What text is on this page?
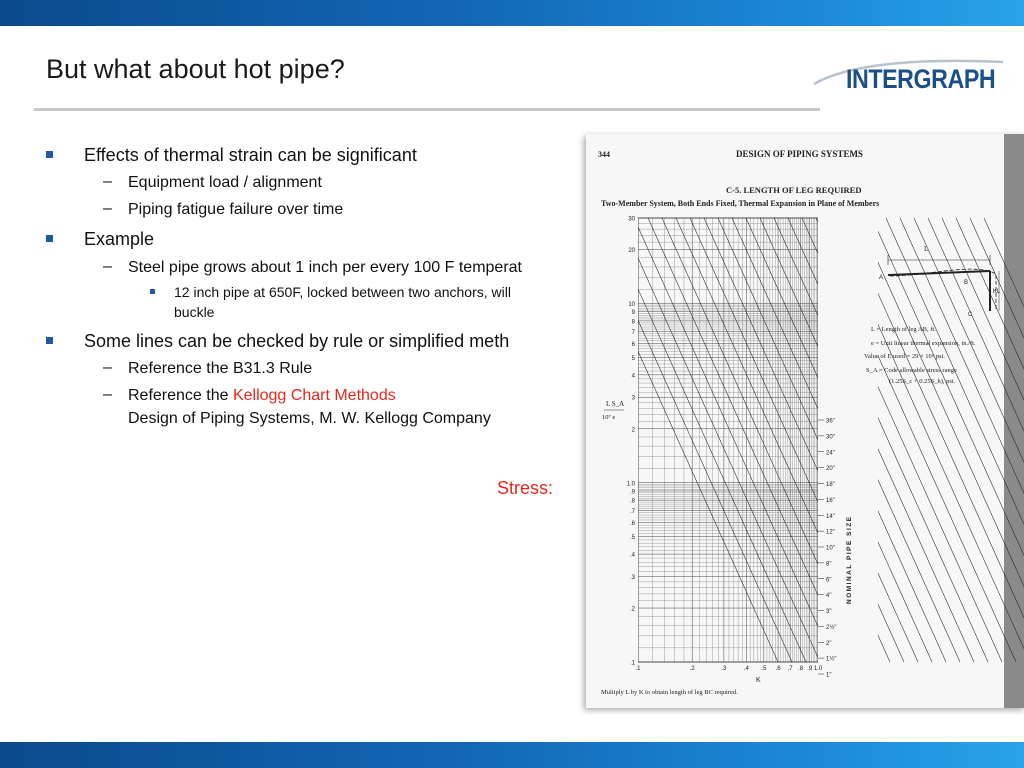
But what about hot pipe?	INTERGRAPH
Effects of thermal strain can be significant
– Equipment load / alignment
– Piping fatigue failure over time
Example
– Steel pipe grows about 1 inch per every 100 F temperat
12 inch pipe at 650F, locked between two anchors, will
buckle
Some lines can be checked by rule or simplified meth
– Reference the B31.3 Rule
– Reference the Kellogg Chart Methods
Design of Piping Systems, M. W. Kellogg Company
Stress:
344	DESIGN OF PIPING SYSTEMS
C-5. LENGTH OF LEG REQUIRED
Two-Member System, Both Ends Fixed, Thermal Expansion in Plane of Members
30
20
10
9
8
7
6
5
4
3
2
1.0
.9
.8
.7
.6
.5
.4
.3
.2
.1
.1	.2	.3	.4 .5 .6 .7 .8 .9 1.0
36"
30"
24"
20"
18"
16"
14"
12"
10"
8"
6"
4"
3"
2½"
2"
1½"
1"
L S_A
10⁷ e
K
NOMINAL PIPE SIZE
L
A
B
C
KL
L = Length of leg AB, ft.
e = Unit linear thermal expansion, in./ft.
Value of E used = 29 × 10⁶ psi.
S_A = Code allowable stress range
(1.25S_c + 0.25S_h), psi.
Multiply L by K to obtain length of leg BC required.
